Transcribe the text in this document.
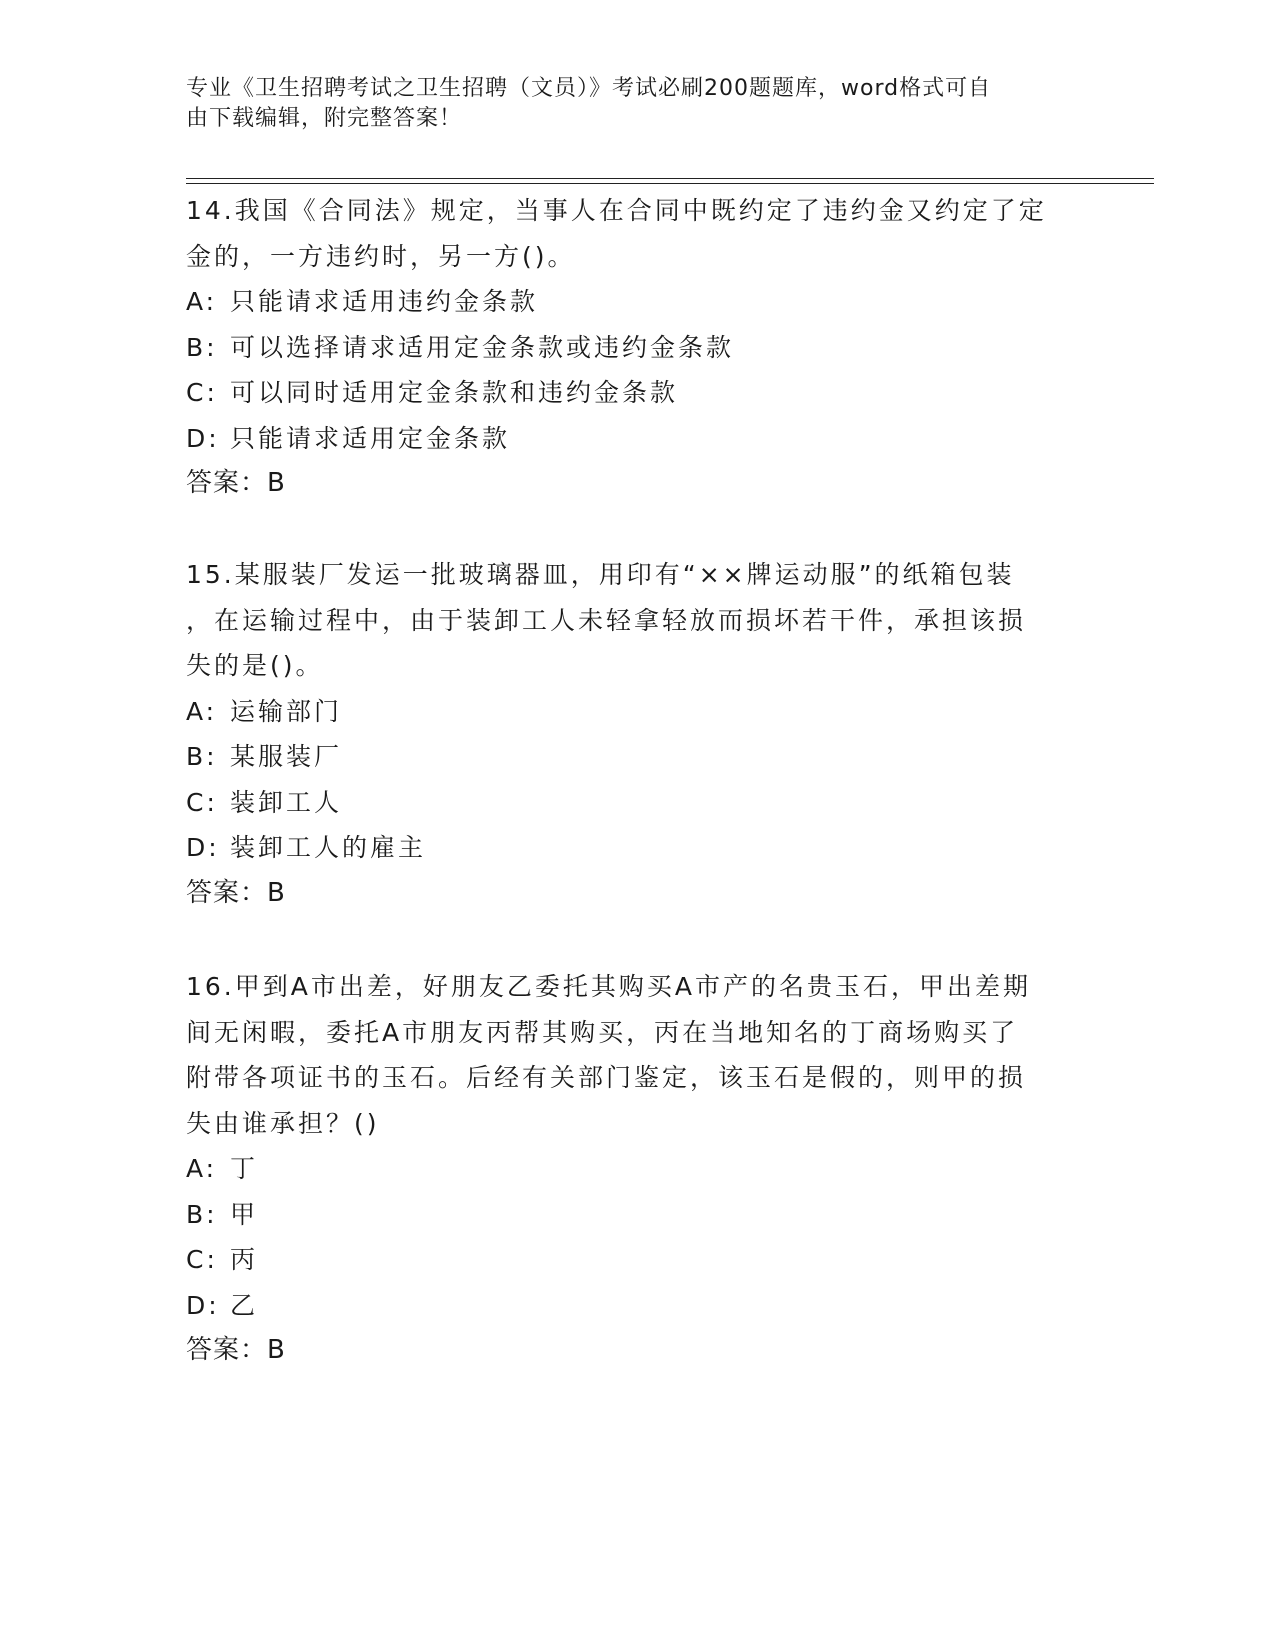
专业《卫生招聘考试之卫生招聘（文员）》考试必刷200题题库，word格式可自
由下载编辑，附完整答案！

14.我国《合同法》规定，当事人在合同中既约定了违约金又约定了定

金的，一方违约时，另一方()。

A: 只能请求适用违约金条款

B: 可以选择请求适用定金条款或违约金条款

C: 可以同时适用定金条款和违约金条款

D: 只能请求适用定金条款

答案：B

15.某服装厂发运一批玻璃器皿，用印有“××牌运动服”的纸箱包装

，在运输过程中，由于装卸工人未轻拿轻放而损坏若干件，承担该损

失的是()。

A: 运输部门

B: 某服装厂

C: 装卸工人

D: 装卸工人的雇主

答案：B

16.甲到A市出差，好朋友乙委托其购买A市产的名贵玉石，甲出差期

间无闲暇，委托A市朋友丙帮其购买，丙在当地知名的丁商场购买了

附带各项证书的玉石。后经有关部门鉴定，该玉石是假的，则甲的损

失由谁承担？()

A: 丁

B: 甲

C: 丙

D: 乙

答案：B
